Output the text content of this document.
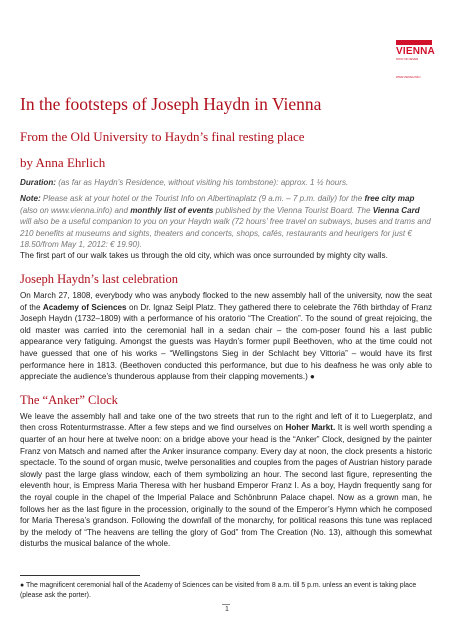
VIENNA
NOW OR NEVER
WWW.VIENNA.INFO
In the footsteps of Joseph Haydn in Vienna
From the Old University to Haydn’s final resting place
by Anna Ehrlich
Duration: (as far as Haydn’s Residence, without visiting his tombstone): approx. 1 ½ hours.
Note: Please ask at your hotel or the Tourist Info on Albertinaplatz (9 a.m. – 7 p.m. daily) for the free city map (also on www.vienna.info) and monthly list of events published by the Vienna Tourist Board. The Vienna Card will also be a useful companion to you on your Haydn walk (72 hours’ free travel on subways, buses and trams and 210 benefits at museums and sights, theaters and concerts, shops, cafés, restaurants and heurigers for just € 18.50/from May 1, 2012: € 19.90).

The first part of our walk takes us through the old city, which was once surrounded by mighty city walls.

Joseph Haydn’s last celebration

On March 27, 1808, everybody who was anybody flocked to the new assembly hall of the university, now the seat of the Academy of Sciences on Dr. Ignaz Seipl Platz. They gathered there to celebrate the 76th birthday of Franz Joseph Haydn (1732–1809) with a performance of his oratorio “The Creation”. To the sound of great rejoicing, the old master was carried into the ceremonial hall in a sedan chair – the com-poser found his a last public appearance very fatiguing. Amongst the guests was Haydn’s former pupil Beethoven, who at the time could not have guessed that one of his works – “Wellingstons Sieg in der Schlacht bey Vittoria” – would have its first performance here in 1813. (Beethoven conducted this performance, but due to his deafness he was only able to appreciate the audience’s thunderous applause from their clapping movements.) ●

The “Anker” Clock

We leave the assembly hall and take one of the two streets that run to the right and left of it to Luegerplatz, and then cross Rotenturmstrasse. After a few steps and we find ourselves on Hoher Markt. It is well worth spending a quarter of an hour here at twelve noon: on a bridge above your head is the “Anker” Clock, designed by the painter Franz von Matsch and named after the Anker insurance company. Every day at noon, the clock presents a historic spectacle. To the sound of organ music, twelve personalities and couples from the pages of Austrian history parade slowly past the large glass window, each of them symbolizing an hour. The second last figure, representing the eleventh hour, is Empress Maria Theresa with her husband Emperor Franz I. As a boy, Haydn frequently sang for the royal couple in the chapel of the Imperial Palace and Schönbrunn Palace chapel. Now as a grown man, he follows her as the last figure in the procession, originally to the sound of the Emperor’s Hymn which he composed for Maria Theresa’s grandson. Following the downfall of the monarchy, for political reasons this tune was replaced by the melody of “The heavens are telling the glory of God” from The Creation (No. 13), although this somewhat disturbs the musical balance of the whole.

● The magnificent ceremonial hall of the Academy of Sciences can be visited from 8 a.m. till 5 p.m. unless an event is taking place (please ask the porter).
1
